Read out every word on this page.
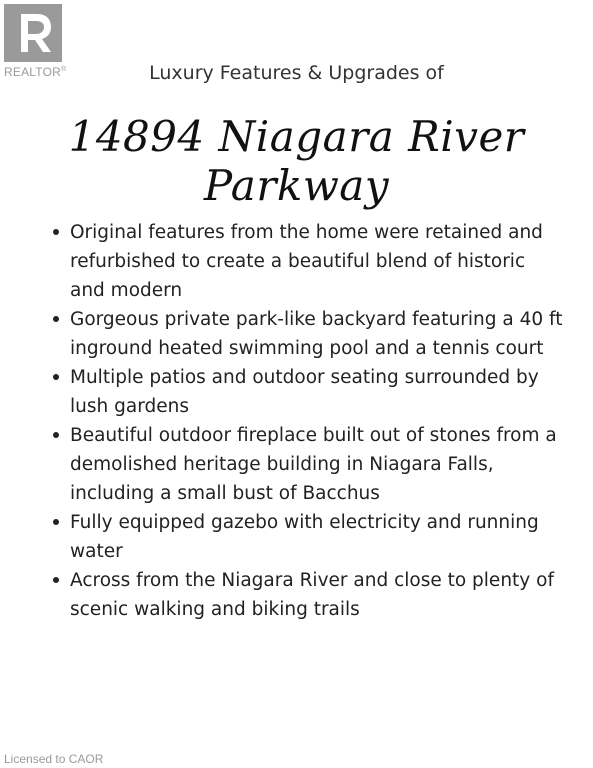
REALTOR®	Luxury Features & Upgrades of
14894 Niagara River Parkway
Original features from the home were retained and refurbished to create a beautiful blend of historic and modern
Gorgeous private park-like backyard featuring a 40 ft inground heated swimming pool and a tennis court
Multiple patios and outdoor seating surrounded by lush gardens
Beautiful outdoor fireplace built out of stones from a demolished heritage building in Niagara Falls, including a small bust of Bacchus
Fully equipped gazebo with electricity and running water
Across from the Niagara River and close to plenty of scenic walking and biking trails
Licensed to CAOR
